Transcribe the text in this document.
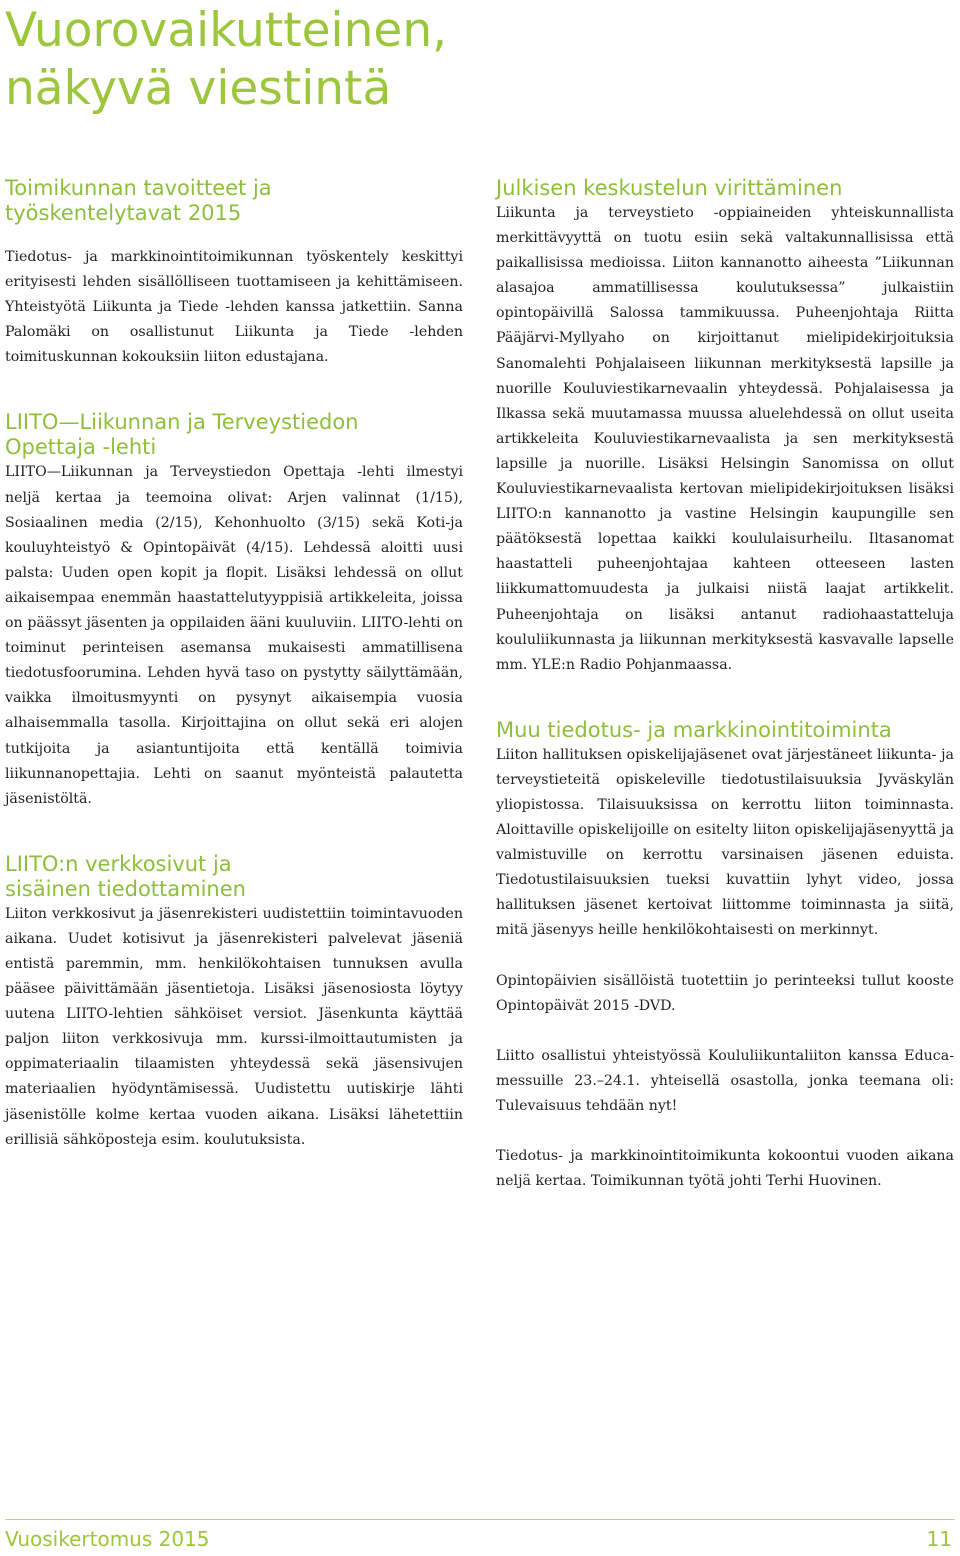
Vuorovaikutteinen,
näkyvä viestintä
Toimikunnan tavoitteet ja
työskentelytavat 2015

Tiedotus- ja markkinointitoimikunnan työskentely keskittyi erityisesti lehden sisällölliseen tuottamiseen ja kehittämiseen. Yhteistyötä Liikunta ja Tiede -lehden kanssa jatkettiin. Sanna Palomäki on osallistunut Liikunta ja Tiede -lehden toimituskunnan kokouksiin liiton edustajana.

LIITO—Liikunnan ja Terveystiedon
Opettaja -lehti

LIITO—Liikunnan ja Terveystiedon Opettaja -lehti ilmestyi neljä kertaa ja teemoina olivat: Arjen valinnat (1/15), Sosiaalinen media (2/15), Kehonhuolto (3/15) sekä Koti-ja kouluyhteistyö & Opintopäivät (4/15). Lehdessä aloitti uusi palsta: Uuden open kopit ja flopit. Lisäksi lehdessä on ollut aikaisempaa enemmän haastattelutyyppisiä artikkeleita, joissa on päässyt jäsenten ja oppilaiden ääni kuuluviin. LIITO-lehti on toiminut perinteisen asemansa mukaisesti ammatillisena tiedotusfoorumina. Lehden hyvä taso on pystytty säilyttämään, vaikka ilmoitusmyynti on pysynyt aikaisempia vuosia alhaisemmalla tasolla. Kirjoittajina on ollut sekä eri alojen tutkijoita ja asiantuntijoita että kentällä toimivia liikunnanopettajia. Lehti on saanut myönteistä palautetta jäsenistöltä.

LIITO:n verkkosivut ja
sisäinen tiedottaminen

Liiton verkkosivut ja jäsenrekisteri uudistettiin toimintavuoden aikana. Uudet kotisivut ja jäsenrekisteri palvelevat jäseniä entistä paremmin, mm. henkilökohtaisen tunnuksen avulla pääsee päivittämään jäsentietoja. Lisäksi jäsenosiosta löytyy uutena LIITO-lehtien sähköiset versiot. Jäsenkunta käyttää paljon liiton verkkosivuja mm. kurssi-ilmoittautumisten ja oppimateriaalin tilaamisten yhteydessä sekä jäsensivujen materiaalien hyödyntämisessä. Uudistettu uutiskirje lähti jäsenistölle kolme kertaa vuoden aikana. Lisäksi lähetettiin erillisiä sähköposteja esim. koulutuksista.

Julkisen keskustelun virittäminen

Liikunta ja terveystieto -oppiaineiden yhteiskunnallista merkittävyyttä on tuotu esiin sekä valtakunnallisissa että paikallisissa medioissa. Liiton kannanotto aiheesta ”Liikunnan alasajoa ammatillisessa koulutuksessa” julkaistiin opintopäivillä Salossa tammikuussa. Puheenjohtaja Riitta Pääjärvi-Myllyaho on kirjoittanut mielipidekirjoituksia Sanomalehti Pohjalaiseen liikunnan merkityksestä lapsille ja nuorille Kouluviestikarnevaalin yhteydessä. Pohjalaisessa ja Ilkassa sekä muutamassa muussa aluelehdessä on ollut useita artikkeleita Kouluviestikarnevaalista ja sen merkityksestä lapsille ja nuorille. Lisäksi Helsingin Sanomissa on ollut Kouluviestikarnevaalista kertovan mielipidekirjoituksen lisäksi LIITO:n kannanotto ja vastine Helsingin kaupungille sen päätöksestä lopettaa kaikki koululaisurheilu. Iltasanomat haastatteli puheenjohtajaa kahteen otteeseen lasten liikkumattomuudesta ja julkaisi niistä laajat artikkelit. Puheenjohtaja on lisäksi antanut radiohaastatteluja koululiikunnasta ja liikunnan merkityksestä kasvavalle lapselle mm. YLE:n Radio Pohjanmaassa.

Muu tiedotus- ja markkinointitoiminta

Liiton hallituksen opiskelijajäsenet ovat järjestäneet liikunta- ja terveystieteitä opiskeleville tiedotustilaisuuksia Jyväskylän yliopistossa. Tilaisuuksissa on kerrottu liiton toiminnasta. Aloittaville opiskelijoille on esitelty liiton opiskelijajäsenyyttä ja valmistuville on kerrottu varsinaisen jäsenen eduista. Tiedotustilaisuuksien tueksi kuvattiin lyhyt video, jossa hallituksen jäsenet kertoivat liittomme toiminnasta ja siitä, mitä jäsenyys heille henkilökohtaisesti on merkinnyt.

Opintopäivien sisällöistä tuotettiin jo perinteeksi tullut kooste Opintopäivät 2015 -DVD.

Liitto osallistui yhteistyössä Koululiikuntaliiton kanssa Educa-messuille 23.–24.1. yhteisellä osastolla, jonka teemana oli: Tulevaisuus tehdään nyt!

Tiedotus- ja markkinointitoimikunta kokoontui vuoden aikana neljä kertaa. Toimikunnan työtä johti Terhi Huovinen.

Vuosikertomus 2015	11
